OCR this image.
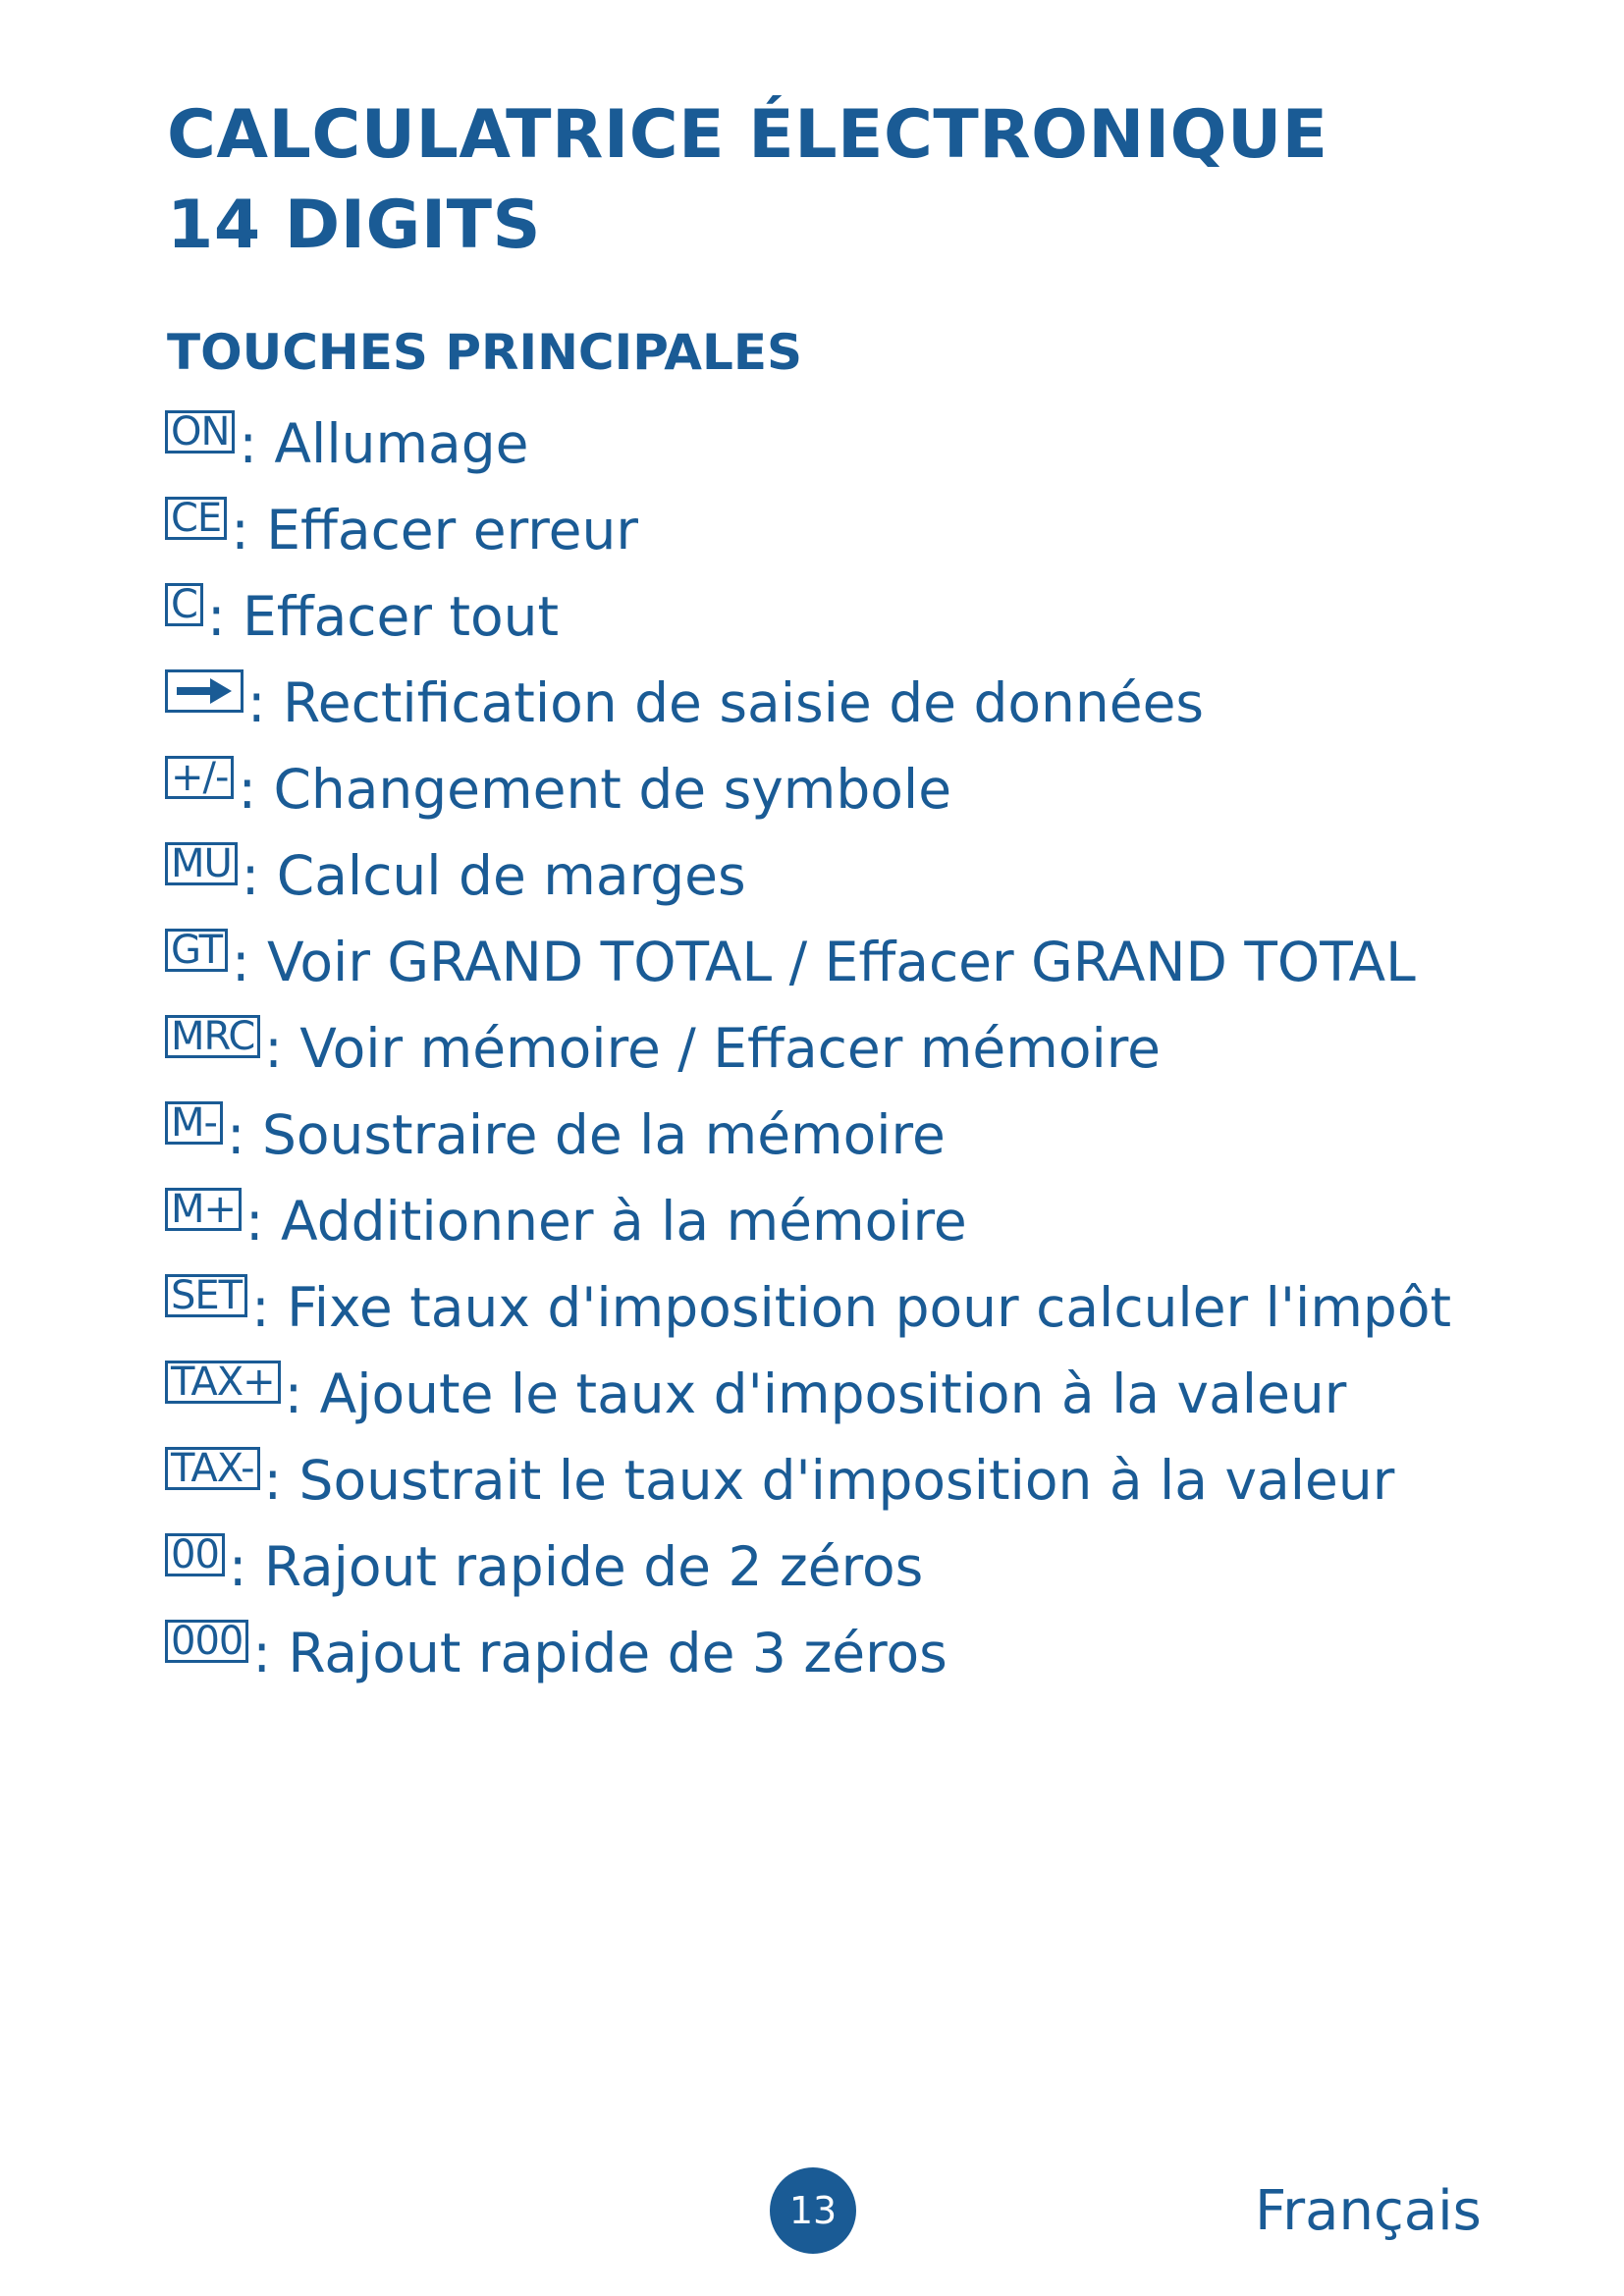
CALCULATRICE ÉLECTRONIQUE
14 DIGITS
TOUCHES PRINCIPALES
ON : Allumage
CE : Effacer erreur
C : Effacer tout
: Rectification de saisie de données
+/- : Changement de symbole
MU : Calcul de marges
GT : Voir GRAND TOTAL / Effacer GRAND TOTAL
MRC : Voir mémoire / Effacer mémoire
M- : Soustraire de la mémoire
M+ : Additionner à la mémoire
SET : Fixe taux d'imposition pour calculer l'impôt
TAX+ : Ajoute le taux d'imposition à la valeur
TAX- : Soustrait le taux d'imposition à la valeur
00 : Rajout rapide de 2 zéros
000 : Rajout rapide de 3 zéros
13	Français
